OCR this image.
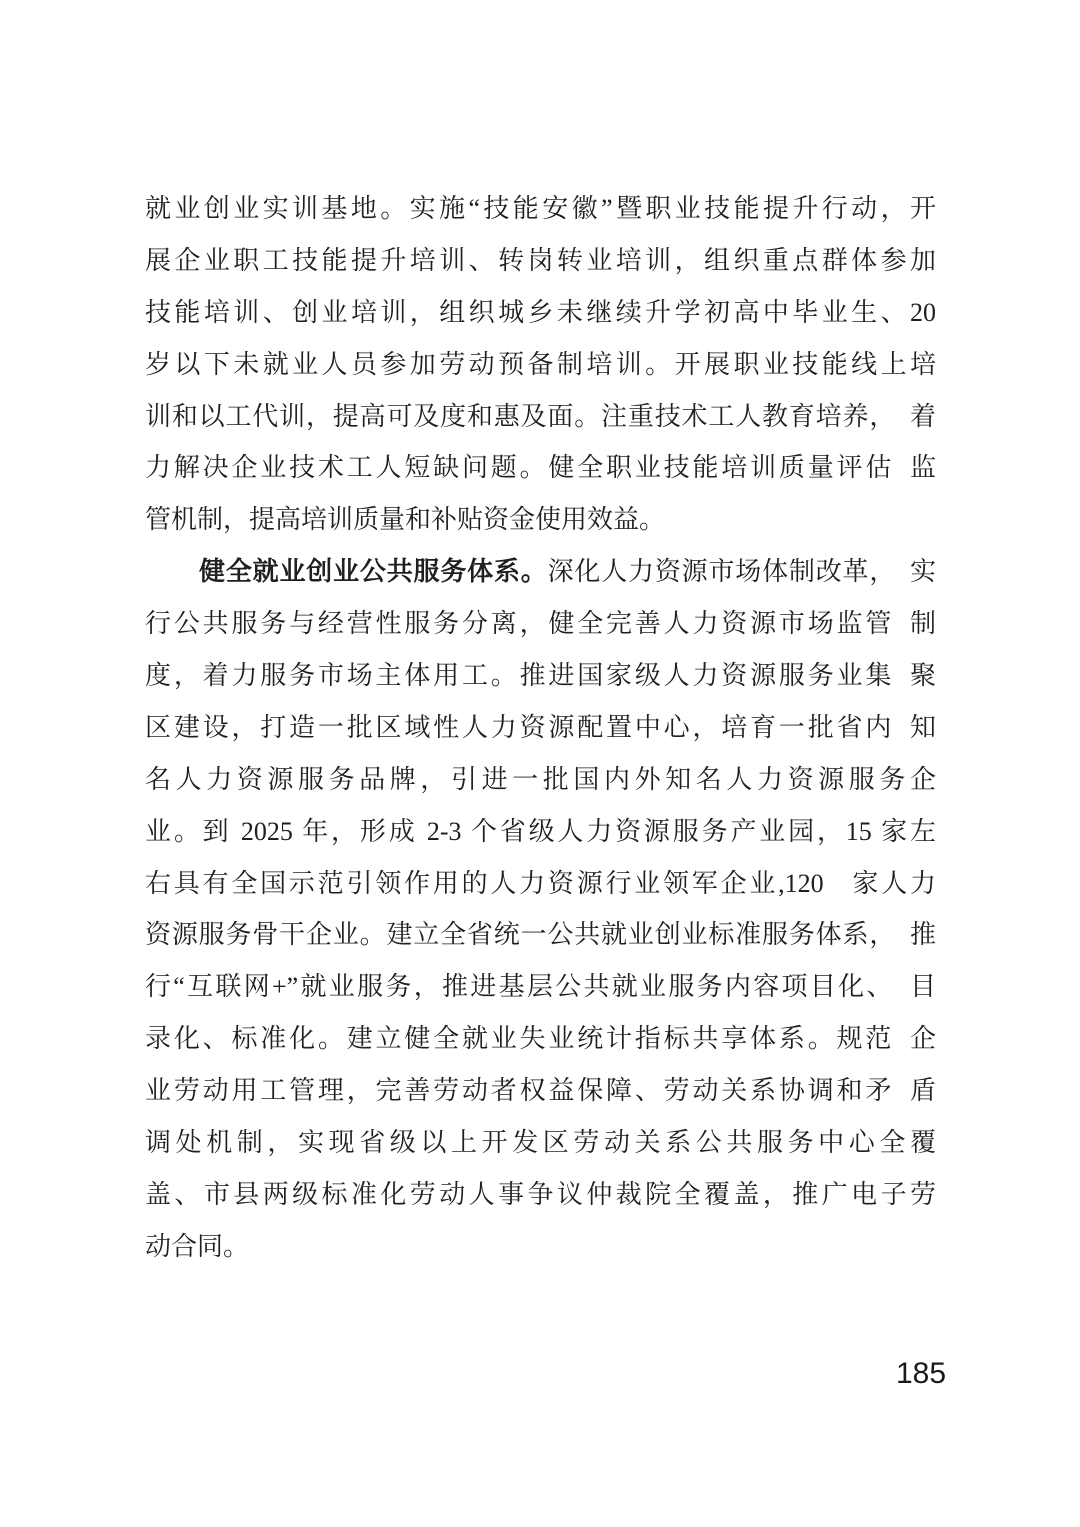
就业创业实训基地。实施“技能安徽”暨职业技能提升行动，开
展企业职工技能提升培训、转岗转业培训，组织重点群体参加
技能培训、创业培训，组织城乡未继续升学初高中毕业生、20
岁以下未就业人员参加劳动预备制培训。开展职业技能线上培
训和以工代训，提高可及度和惠及面。注重技术工人教育培养， 着
力解决企业技术工人短缺问题。健全职业技能培训质量评估 监
管机制，提高培训质量和补贴资金使用效益。
健全就业创业公共服务体系。深化人力资源市场体制改革， 实
行公共服务与经营性服务分离，健全完善人力资源市场监管 制
度，着力服务市场主体用工。推进国家级人力资源服务业集 聚
区建设，打造一批区域性人力资源配置中心，培育一批省内 知
名人力资源服务品牌，引进一批国内外知名人力资源服务企
业。到 2025 年，形成 2-3 个省级人力资源服务产业园，15 家左
右具有全国示范引领作用的人力资源行业领军企业,120 家人力
资源服务骨干企业。建立全省统一公共就业创业标准服务体系， 推
行“互联网+”就业服务，推进基层公共就业服务内容项目化、 目
录化、标准化。建立健全就业失业统计指标共享体系。规范 企
业劳动用工管理，完善劳动者权益保障、劳动关系协调和矛 盾
调处机制，实现省级以上开发区劳动关系公共服务中心全覆
盖、市县两级标准化劳动人事争议仲裁院全覆盖，推广电子劳
动合同。
185
